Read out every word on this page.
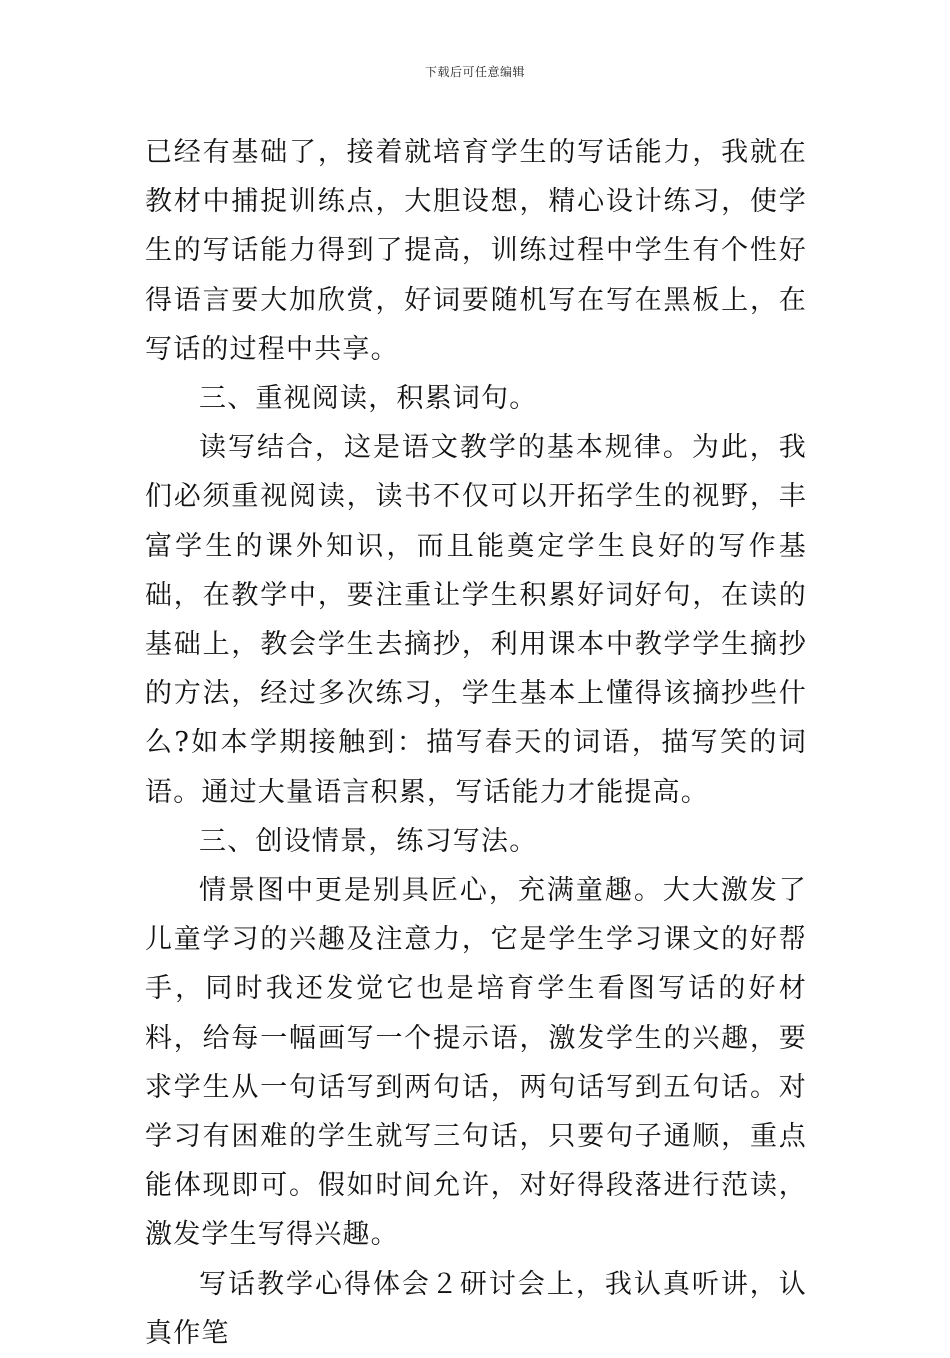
下载后可任意编辑

已经有基础了，接着就培育学生的写话能力，我就在教材中捕捉训练点，大胆设想，精心设计练习，使学生的写话能力得到了提高，训练过程中学生有个性好得语言要大加欣赏，好词要随机写在写在黑板上，在写话的过程中共享。

三、重视阅读，积累词句。

读写结合，这是语文教学的基本规律。为此，我们必须重视阅读，读书不仅可以开拓学生的视野，丰富学生的课外知识，而且能奠定学生良好的写作基础，在教学中，要注重让学生积累好词好句，在读的基础上，教会学生去摘抄，利用课本中教学学生摘抄的方法，经过多次练习，学生基本上懂得该摘抄些什么?如本学期接触到：描写春天的词语，描写笑的词语。通过大量语言积累，写话能力才能提高。

三、创设情景，练习写法。

情景图中更是别具匠心，充满童趣。大大激发了儿童学习的兴趣及注意力，它是学生学习课文的好帮手，同时我还发觉它也是培育学生看图写话的好材料，给每一幅画写一个提示语，激发学生的兴趣，要求学生从一句话写到两句话，两句话写到五句话。对学习有困难的学生就写三句话，只要句子通顺，重点能体现即可。假如时间允许，对好得段落进行范读，激发学生写得兴趣。

写话教学心得体会２研讨会上，我认真听讲，认真作笔
